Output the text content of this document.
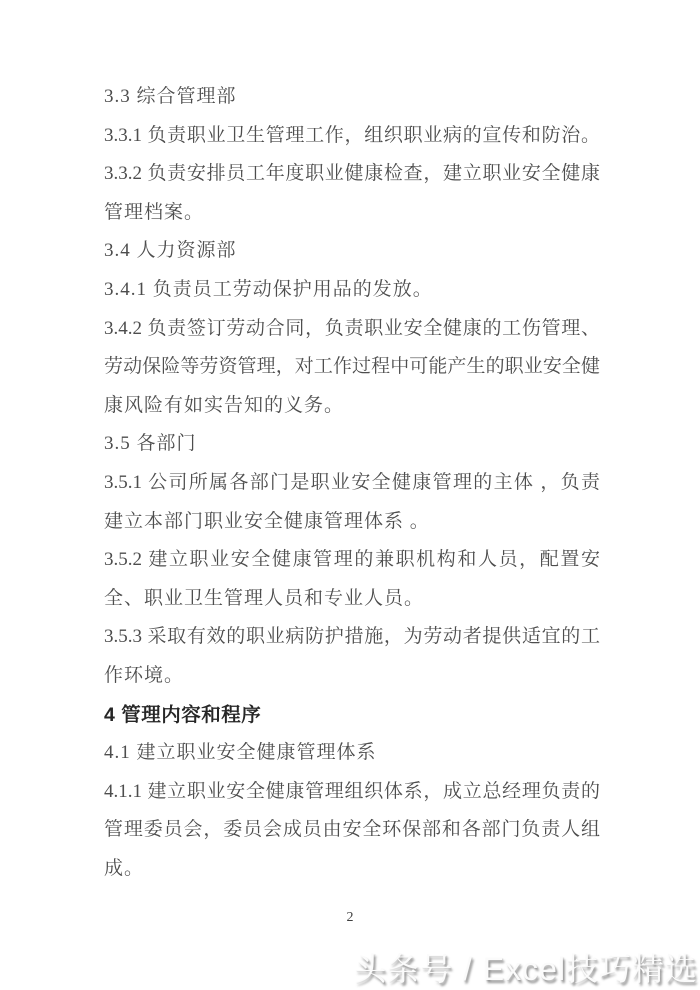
3.3 综合管理部
3.3.1 负责职业卫生管理工作，组织职业病的宣传和防治。
3.3.2 负责安排员工年度职业健康检查，建立职业安全健康
管理档案。
3.4 人力资源部
3.4.1 负责员工劳动保护用品的发放。
3.4.2 负责签订劳动合同，负责职业安全健康的工伤管理、
劳动保险等劳资管理，对工作过程中可能产生的职业安全健
康风险有如实告知的义务。
3.5 各部门
3.5.1 公司所属各部门是职业安全健康管理的主体 ，负责
建立本部门职业安全健康管理体系 。
3.5.2 建立职业安全健康管理的兼职机构和人员，配置安
全、职业卫生管理人员和专业人员。
3.5.3 采取有效的职业病防护措施，为劳动者提供适宜的工
作环境。
4 管理内容和程序
4.1 建立职业安全健康管理体系
4.1.1 建立职业安全健康管理组织体系，成立总经理负责的
管理委员会，委员会成员由安全环保部和各部门负责人组
成。
2
头条号 / Excel技巧精选
